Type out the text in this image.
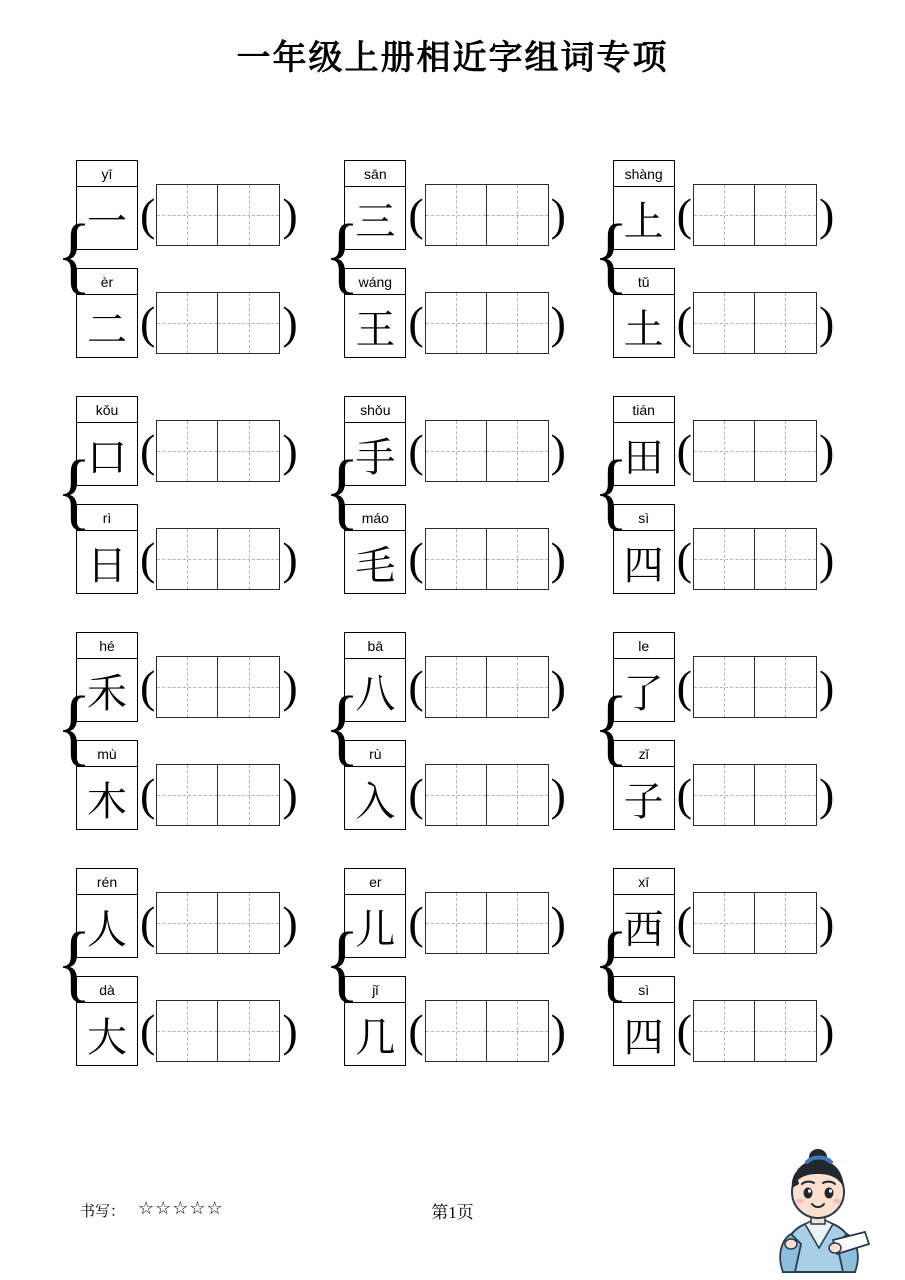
一年级上册相近字组词专项
{
yī
一 (	)
èr
二 (	)
{
sān
三 (	)
wáng
王 (	)
{
shàng
上 (	)
tǔ
土 (	)
{
kǒu
口 (	)
rì
日 (	)
{
shǒu
手 (	)
máo
毛 (	)
{
tián
田 (	)
sì
四 (	)
{
hé
禾 (	)
mù
木 (	)
{
bā
八 (	)
rù
入 (	)
{
le
了 (	)
zǐ
子 (	)
{
rén
人 (	)
dà
大 (	)
{
er
儿 (	)
jǐ
几 (	)
{
xī
西 (	)
sì
四 (	)
书写： ☆☆☆☆☆	第1页
